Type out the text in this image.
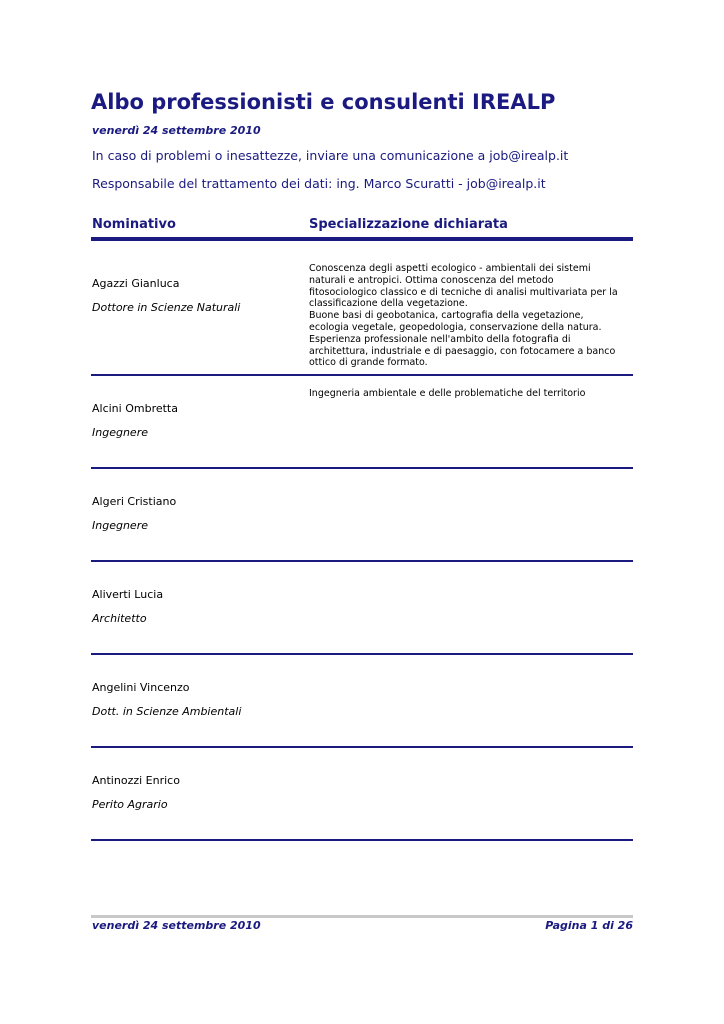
Albo professionisti e consulenti IREALP
venerdì 24 settembre 2010
In caso di problemi o inesattezze, inviare una comunicazione a job@irealp.it
Responsabile del trattamento dei dati: ing. Marco Scuratti - job@irealp.it
Nominativo	Specializzazione dichiarata
Agazzi Gianluca
Dottore in Scienze Naturali
Conoscenza degli aspetti ecologico - ambientali dei sistemi
naturali e antropici. Ottima conoscenza del metodo
fitosociologico classico e di tecniche di analisi multivariata per la
classificazione della vegetazione.
Buone basi di geobotanica, cartografia della vegetazione,
ecologia vegetale, geopedologia, conservazione della natura.
Esperienza professionale nell'ambito della fotografia di
architettura, industriale e di paesaggio, con fotocamere a banco
ottico di grande formato.
Alcini Ombretta
Ingegnere
Ingegneria ambientale e delle problematiche del territorio
Algeri Cristiano
Ingegnere
Aliverti Lucia
Architetto
Angelini Vincenzo
Dott. in Scienze Ambientali
Antinozzi Enrico
Perito Agrario
venerdì 24 settembre 2010	Pagina 1 di 26
